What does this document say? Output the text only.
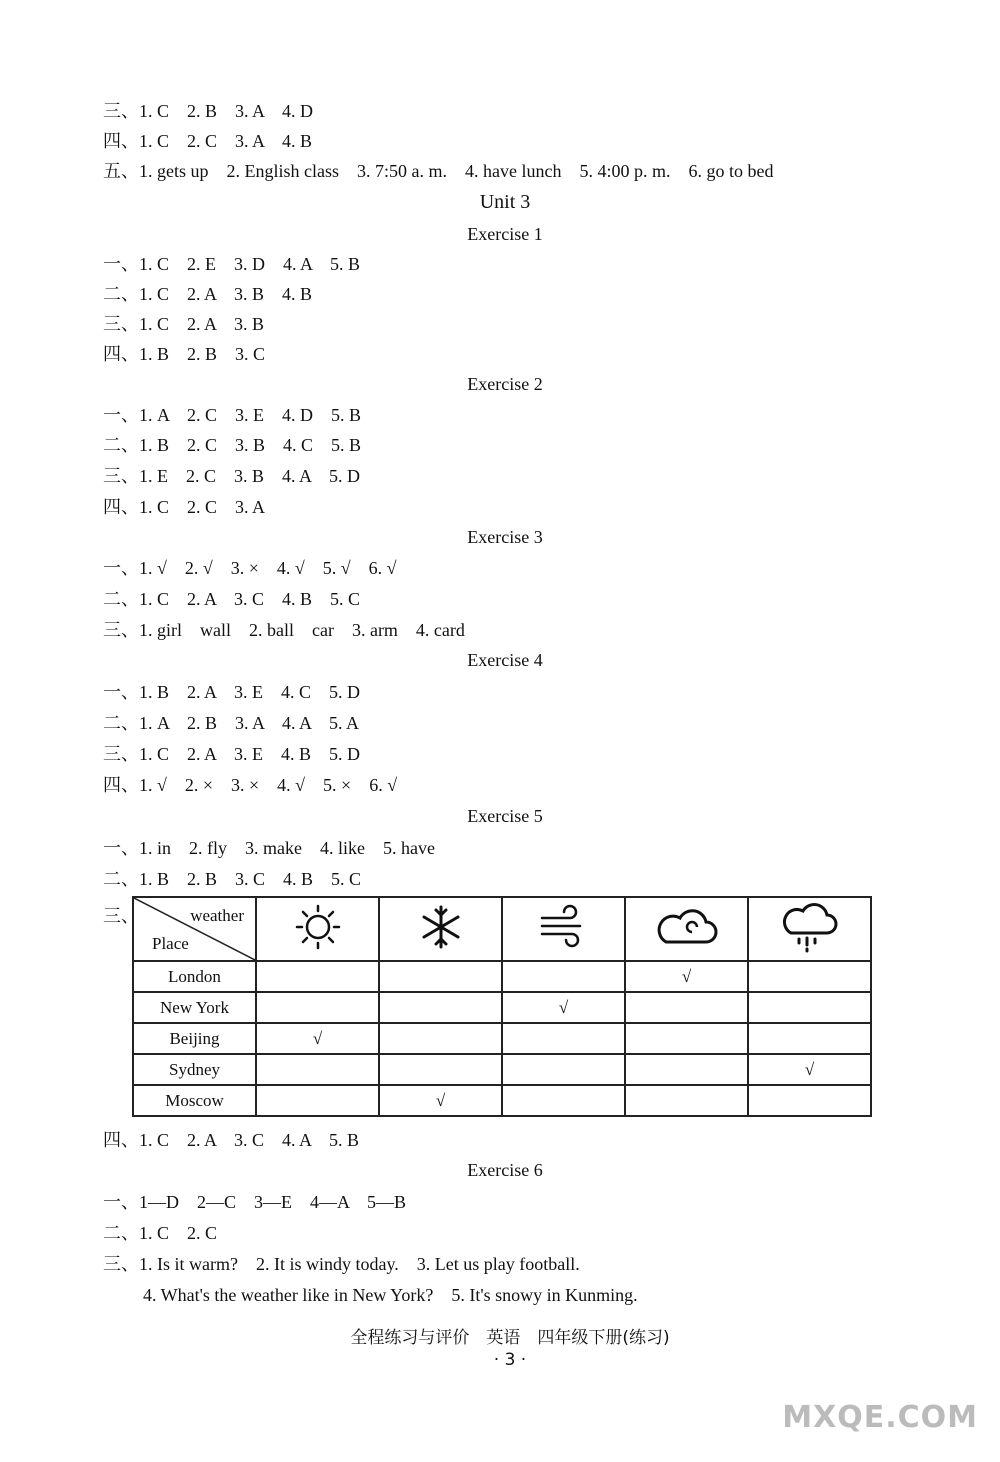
三、1. C　2. B　3. A　4. D
四、1. C　2. C　3. A　4. B
五、1. gets up　2. English class　3. 7:50 a. m.　4. have lunch　5. 4:00 p. m.　6. go to bed
Unit 3
Exercise 1
一、1. C　2. E　3. D　4. A　5. B
二、1. C　2. A　3. B　4. B
三、1. C　2. A　3. B
四、1. B　2. B　3. C
Exercise 2
一、1. A　2. C　3. E　4. D　5. B
二、1. B　2. C　3. B　4. C　5. B
三、1. E　2. C　3. B　4. A　5. D
四、1. C　2. C　3. A
Exercise 3
一、1. √　2. √　3. ×　4. √　5. √　6. √
二、1. C　2. A　3. C　4. B　5. C
三、1. girl　wall　2. ball　car　3. arm　4. card
Exercise 4
一、1. B　2. A　3. E　4. C　5. D
二、1. A　2. B　3. A　4. A　5. A
三、1. C　2. A　3. E　4. B　5. D
四、1. √　2. ×　3. ×　4. √　5. ×　6. √
Exercise 5
一、1. in　2. fly　3. make　4. like　5. have
二、1. B　2. B　3. C　4. B　5. C
三、	weather
Place

London				√	
New York			√		
Beijing	√				
Sydney					√
Moscow		√			
四、1. C　2. A　3. C　4. A　5. B
Exercise 6
一、1—D　2—C　3—E　4—A　5—B
二、1. C　2. C
三、1. Is it warm?　2. It is windy today.　3. Let us play football.
4. What's the weather like in New York?　5. It's snowy in Kunming.
全程练习与评价　英语　四年级下册(练习)
· 3 ·
MXQE.COM
